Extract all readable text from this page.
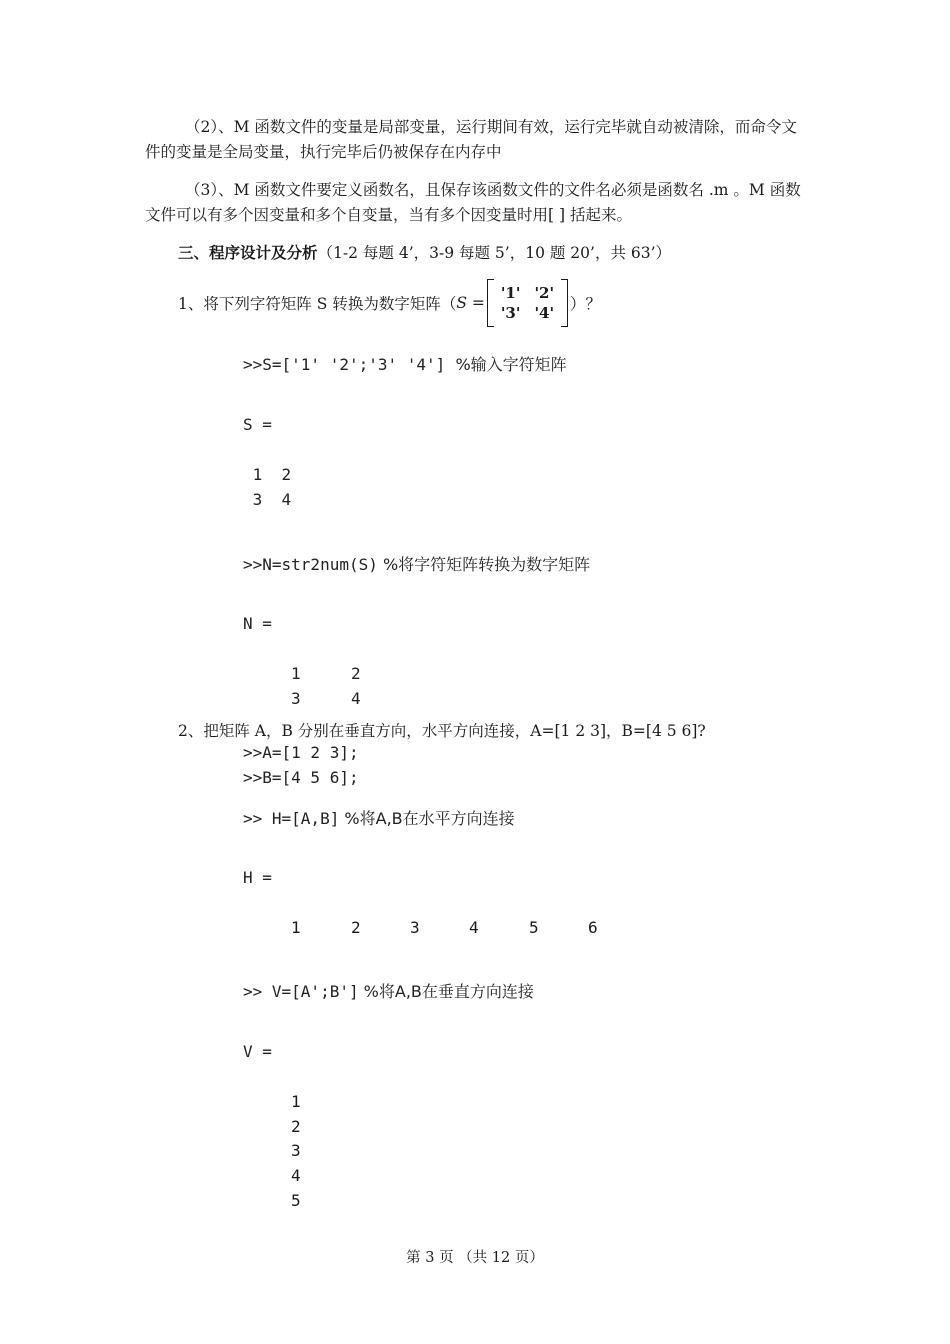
（2）、M 函数文件的变量是局部变量，运行期间有效，运行完毕就自动被清除，而命令文件的变量是全局变量，执行完毕后仍被保存在内存中

（3）、M 函数文件要定义函数名，且保存该函数文件的文件名必须是函数名 .m 。M 函数文件可以有多个因变量和多个自变量，当有多个因变量时用[ ] 括起来。

三、程序设计及分析（1-2 每题 4’，3-9 每题 5’，10 题 20’，共 63’）
1、将下列字符矩阵 S 转换为数字矩阵（ S =

'1' '2'
'3' '4'
）？
>>S=['1' '2';'3' '4']  %输入字符矩阵
S =
1  2
3  4
>>N=str2num(S) %将字符矩阵转换为数字矩阵
N =
1	2
3	4
2、把矩阵 A，B 分别在垂直方向，水平方向连接，A=[1 2 3]，B=[4 5 6]?
>>A=[1 2 3];
>>B=[4 5 6];
>> H=[A,B] %将A,B在水平方向连接
H =
1	2	3	4	5	6
>> V=[A';B'] %将A,B在垂直方向连接
V =
1
2
3
4
5
第 3 页 （共 12 页）
